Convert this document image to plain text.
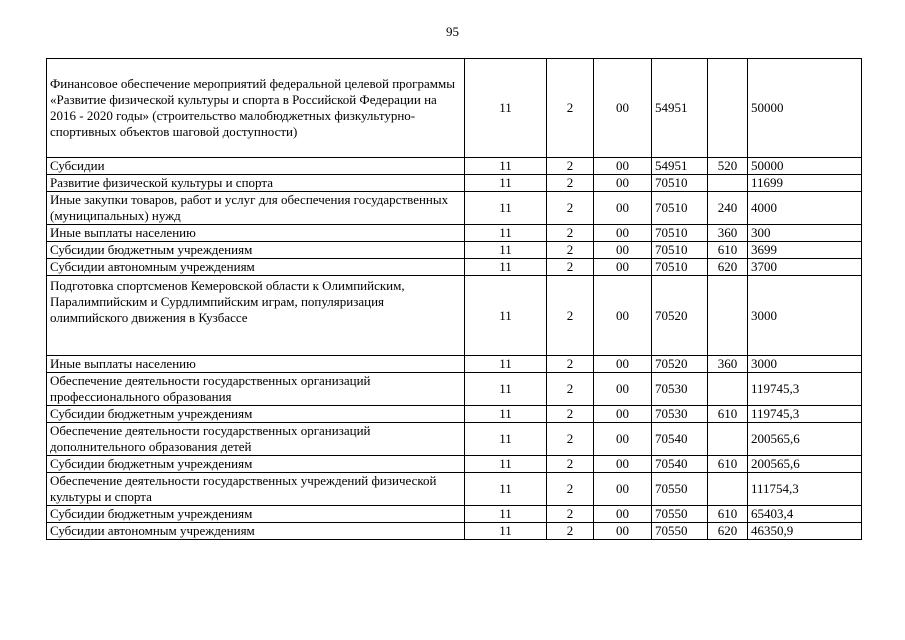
95
Финансовое обеспечение мероприятий федеральной целевой программы «Развитие физической культуры и спорта в Российской Федерации на 2016 - 2020 годы» (строительство малобюджетных физкультурно-спортивных объектов шаговой доступности)	11	2	00	54951		50000
Субсидии	11	2	00	54951	520	50000
Развитие физической культуры и спорта	11	2	00	70510		11699
Иные закупки товаров, работ и услуг для обеспечения государственных (муниципальных) нужд	11	2	00	70510	240	4000
Иные выплаты населению	11	2	00	70510	360	300
Субсидии бюджетным учреждениям	11	2	00	70510	610	3699
Субсидии автономным учреждениям	11	2	00	70510	620	3700
Подготовка спортсменов Кемеровской области к Олимпийским, Паралимпийским и Сурдлимпийским играм, популяризация олимпийского движения в Кузбассе	11	2	00	70520		3000
Иные выплаты населению	11	2	00	70520	360	3000
Обеспечение деятельности государственных организаций профессионального образования	11	2	00	70530		119745,3
Субсидии бюджетным учреждениям	11	2	00	70530	610	119745,3
Обеспечение деятельности государственных организаций дополнительного образования детей	11	2	00	70540		200565,6
Субсидии бюджетным учреждениям	11	2	00	70540	610	200565,6
Обеспечение деятельности государственных учреждений физической культуры и спорта	11	2	00	70550		111754,3
Субсидии бюджетным учреждениям	11	2	00	70550	610	65403,4
Субсидии автономным учреждениям	11	2	00	70550	620	46350,9
